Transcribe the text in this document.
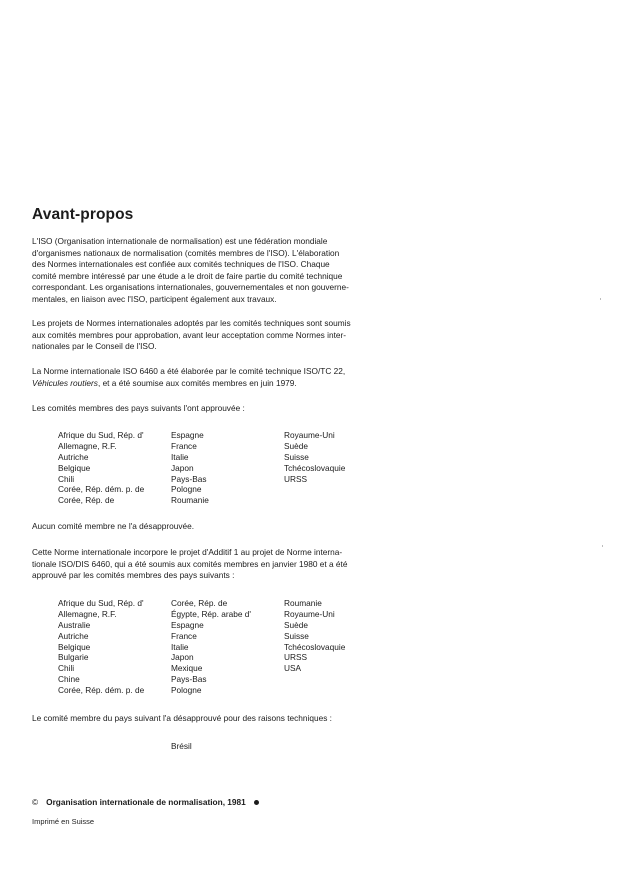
Avant-propos

L'ISO (Organisation internationale de normalisation) est une fédération mondiale
d'organismes nationaux de normalisation (comités membres de l'ISO). L'élaboration
des Normes internationales est confiée aux comités techniques de l'ISO. Chaque
comité membre intéressé par une étude a le droit de faire partie du comité technique
correspondant. Les organisations internationales, gouvernementales et non gouverne-
mentales, en liaison avec l'ISO, participent également aux travaux.

Les projets de Normes internationales adoptés par les comités techniques sont soumis
aux comités membres pour approbation, avant leur acceptation comme Normes inter-
nationales par le Conseil de l'ISO.

La Norme internationale ISO 6460 a été élaborée par le comité technique ISO/TC 22,
Véhicules routiers, et a été soumise aux comités membres en juin 1979.

Les comités membres des pays suivants l'ont approuvée :

Afrique du Sud, Rép. d'
Allemagne, R.F.
Autriche
Belgique
Chili
Corée, Rép. dém. p. de
Corée, Rép. de
Espagne
France
Italie
Japon
Pays-Bas
Pologne
Roumanie
Royaume-Uni
Suède
Suisse
Tchécoslovaquie
URSS

Aucun comité membre ne l'a désapprouvée.

Cette Norme internationale incorpore le projet d'Additif 1 au projet de Norme interna-
tionale ISO/DIS 6460, qui a été soumis aux comités membres en janvier 1980 et a été
approuvé par les comités membres des pays suivants :

Afrique du Sud, Rép. d'
Allemagne, R.F.
Australie
Autriche
Belgique
Bulgarie
Chili
Chine
Corée, Rép. dém. p. de
Corée, Rép. de
Égypte, Rép. arabe d'
Espagne
France
Italie
Japon
Mexique
Pays-Bas
Pologne
Roumanie
Royaume-Uni
Suède
Suisse
Tchécoslovaquie
URSS
USA

Le comité membre du pays suivant l'a désapprouvé pour des raisons techniques :

Brésil
© Organisation internationale de normalisation, 1981
Imprimé en Suisse
